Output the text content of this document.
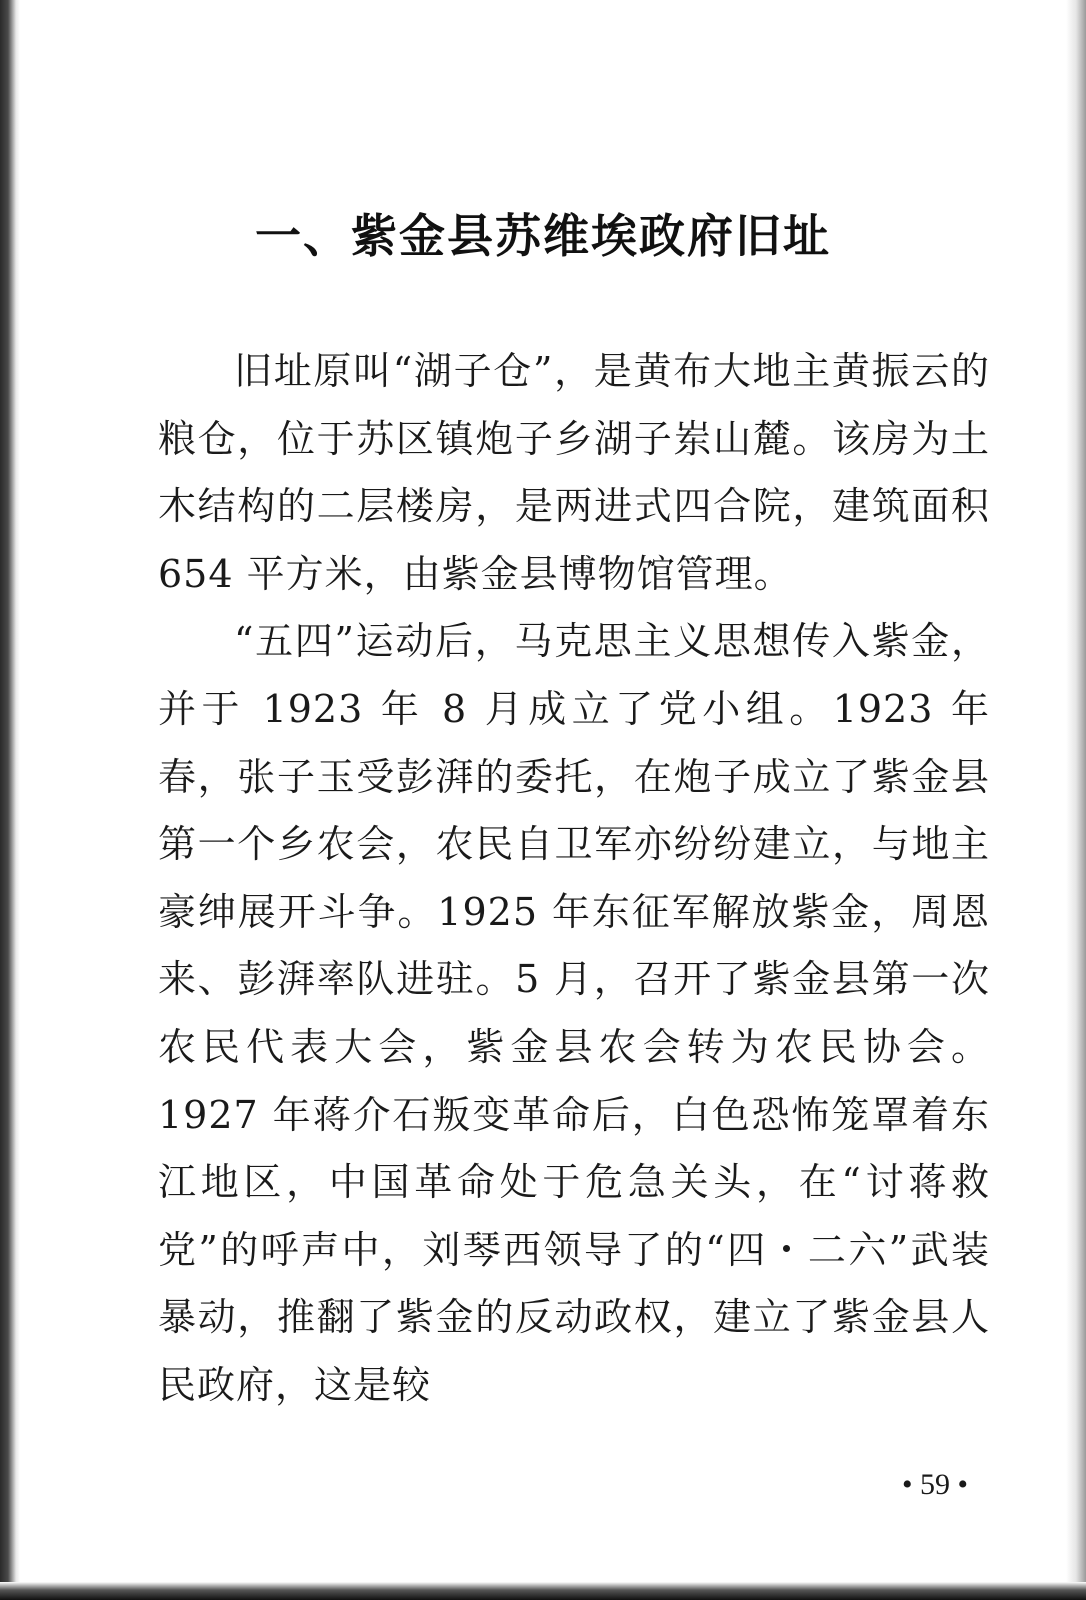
一、紫金县苏维埃政府旧址

旧址原叫“湖子仓”，是黄布大地主黄振云的粮仓，位于苏区镇炮子乡湖子岽山麓。该房为土木结构的二层楼房，是两进式四合院，建筑面积 654 平方米，由紫金县博物馆管理。

“五四”运动后，马克思主义思想传入紫金，并于 1923 年 8 月成立了党小组。1923 年春，张子玉受彭湃的委托，在炮子成立了紫金县第一个乡农会，农民自卫军亦纷纷建立，与地主豪绅展开斗争。1925 年东征军解放紫金，周恩来、彭湃率队进驻。5 月，召开了紫金县第一次农民代表大会，紫金县农会转为农民协会。1927 年蒋介石叛变革命后，白色恐怖笼罩着东江地区，中国革命处于危急关头，在“讨蒋救党”的呼声中，刘琴西领导了的“四・二六”武装暴动，推翻了紫金的反动政权，建立了紫金县人民政府，这是较

• 59 •
